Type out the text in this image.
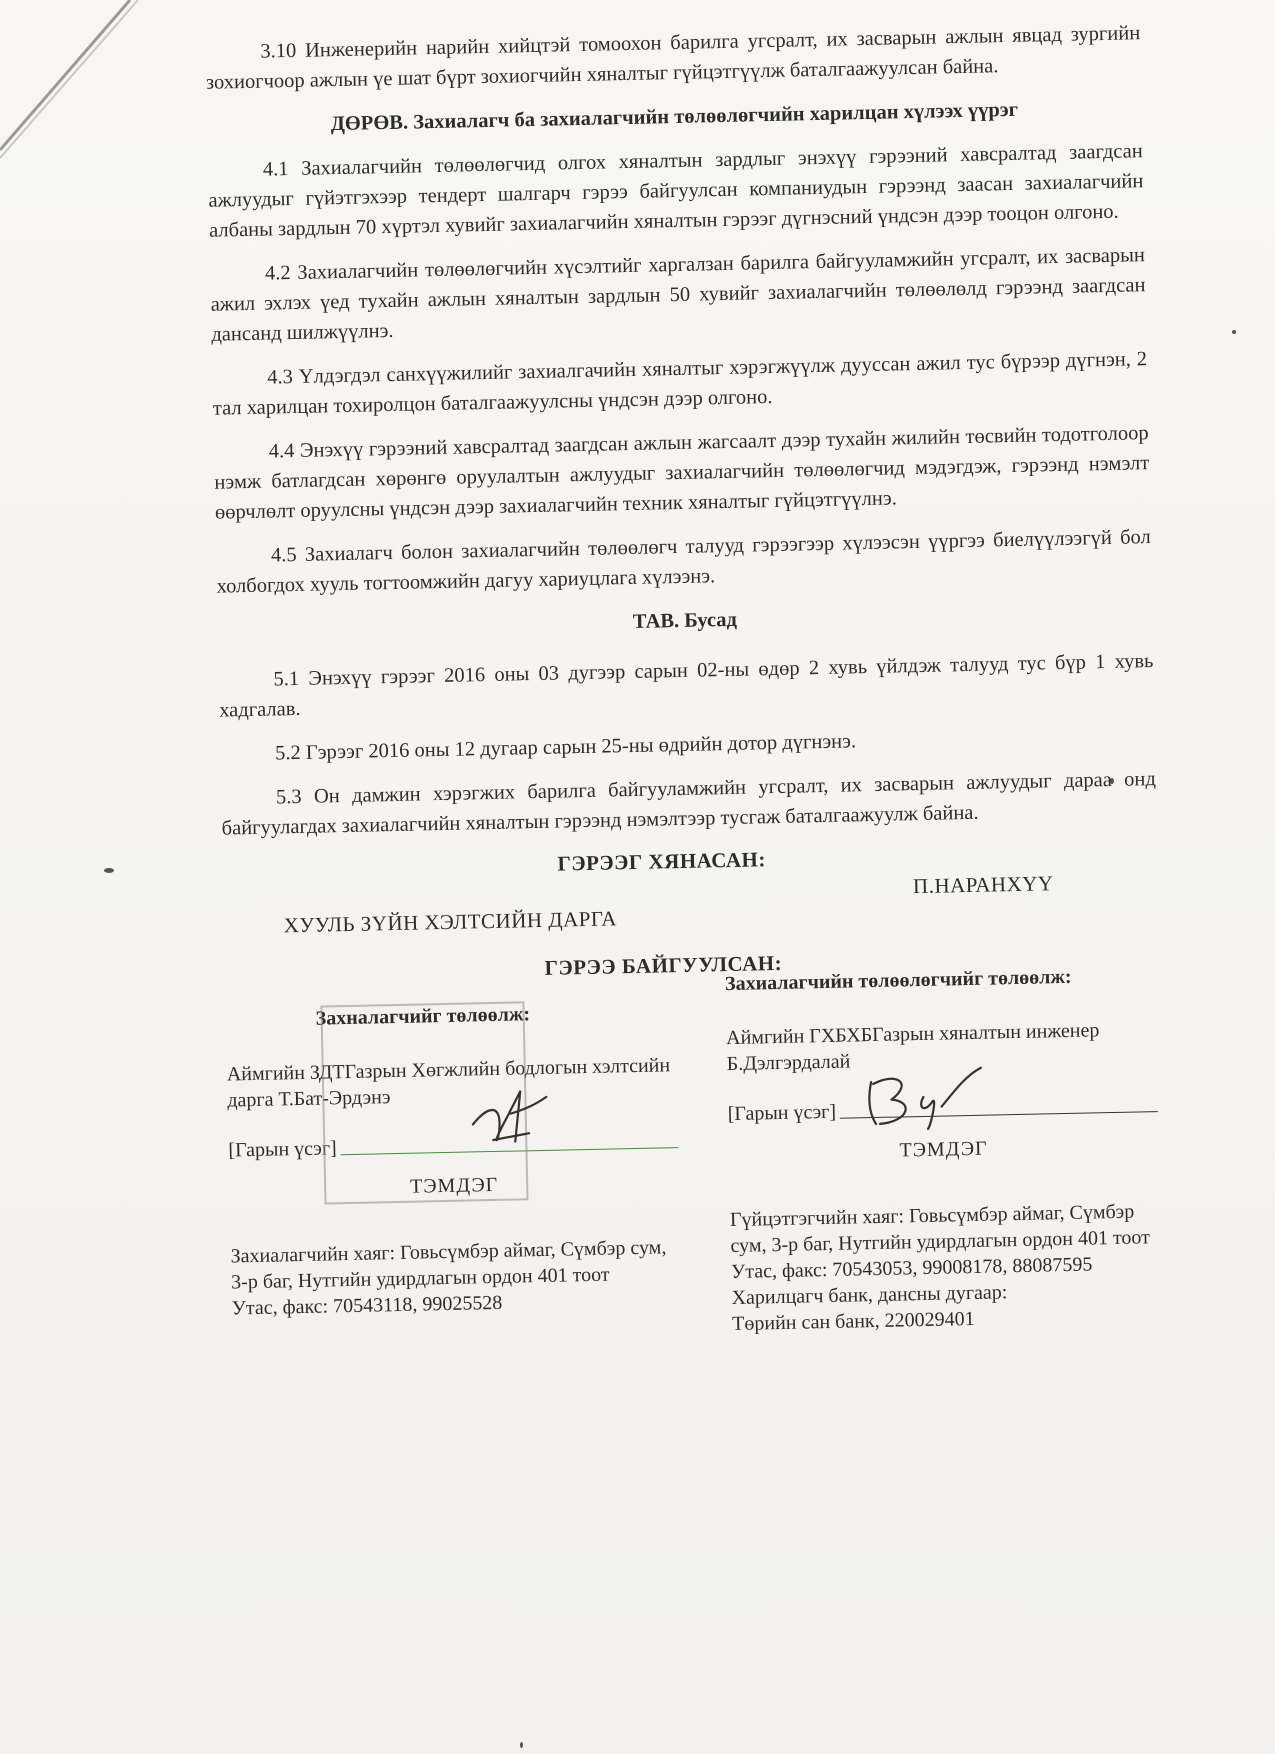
3.10 Инженерийн нарийн хийцтэй томоохон барилга угсралт, их засварын ажлын явцад зургийн зохиогчоор ажлын үе шат бүрт зохиогчийн хяналтыг гүйцэтгүүлж баталгаажуулсан байна.

ДӨРӨВ. Захиалагч ба захиалагчийн төлөөлөгчийн харилцан хүлээх үүрэг

4.1 Захиалагчийн төлөөлөгчид олгох хяналтын зардлыг энэхүү гэрээний хавсралтад заагдсан ажлуудыг гүйэтгэхээр тендерт шалгарч гэрээ байгуулсан компаниудын гэрээнд заасан захиалагчийн албаны зардлын 70 хүртэл хувийг захиалагчийн хяналтын гэрээг дүгнэсний үндсэн дээр тооцон олгоно.

4.2 Захиалагчийн төлөөлөгчийн хүсэлтийг харгалзан барилга байгууламжийн угсралт, их засварын ажил эхлэх үед тухайн ажлын хяналтын зардлын 50 хувийг захиалагчийн төлөөлөлд гэрээнд заагдсан дансанд шилжүүлнэ.

4.3 Үлдэгдэл санхүүжилийг захиалгачийн хяналтыг хэрэгжүүлж дууссан ажил тус бүрээр дүгнэн, 2 тал харилцан тохиролцон баталгаажуулсны үндсэн дээр олгоно.

4.4 Энэхүү гэрээний хавсралтад заагдсан ажлын жагсаалт дээр тухайн жилийн төсвийн тодотголоор нэмж батлагдсан хөрөнгө оруулалтын ажлуудыг захиалагчийн төлөөлөгчид мэдэгдэж, гэрээнд нэмэлт өөрчлөлт оруулсны үндсэн дээр захиалагчийн техник хяналтыг гүйцэтгүүлнэ.

4.5 Захиалагч болон захиалагчийн төлөөлөгч талууд гэрээгээр хүлээсэн үүргээ биелүүлээгүй бол холбогдох хууль тогтоомжийн дагуу хариуцлага хүлээнэ.

ТАВ. Бусад

5.1 Энэхүү гэрээг 2016 оны 03 дугээр сарын 02-ны өдөр 2 хувь үйлдэж талууд тус бүр 1 хувь хадгалав.

5.2 Гэрээг 2016 оны 12 дугаар сарын 25-ны өдрийн дотор дүгнэнэ.

5.3 Он дамжин хэрэгжих барилга байгууламжийн угсралт, их засварын ажлуудыг дараа онд байгуулагдах захиалагчийн хяналтын гэрээнд нэмэлтээр тусгаж баталгаажуулж байна.

ГЭРЭЭГ ХЯНАСАН:
П.НАРАНХҮҮ
ХУУЛЬ ЗҮЙН ХЭЛТСИЙН ДАРГА
ГЭРЭЭ БАЙГУУЛСАН:
Захналагчийг төлөөлж:
Аймгийн ЗДТГазрын Хөгжлийн бодлогын хэлтсийн дарга Т.Бат-Эрдэнэ
[Гарын үсэг]
ТЭМДЭГ
Захиалагчийн хаяг: Говьсүмбэр аймаг, Сүмбэр сум, 3-р баг, Нутгийн удирдлагын ордон 401 тоот
Утас, факс: 70543118, 99025528
Захиалагчийн төлөөлөгчийг төлөөлж:
Аймгийн ГХБХБГазрын хяналтын инженер Б.Дэлгэрдалай
[Гарын үсэг]
ТЭМДЭГ
Гүйцэтгэгчийн хаяг: Говьсүмбэр аймаг, Сүмбэр сум, 3-р баг, Нутгийн удирдлагын ордон 401 тоот
Утас, факс: 70543053, 99008178, 88087595
Харилцагч банк, дансны дугаар:
Төрийн сан банк, 220029401
